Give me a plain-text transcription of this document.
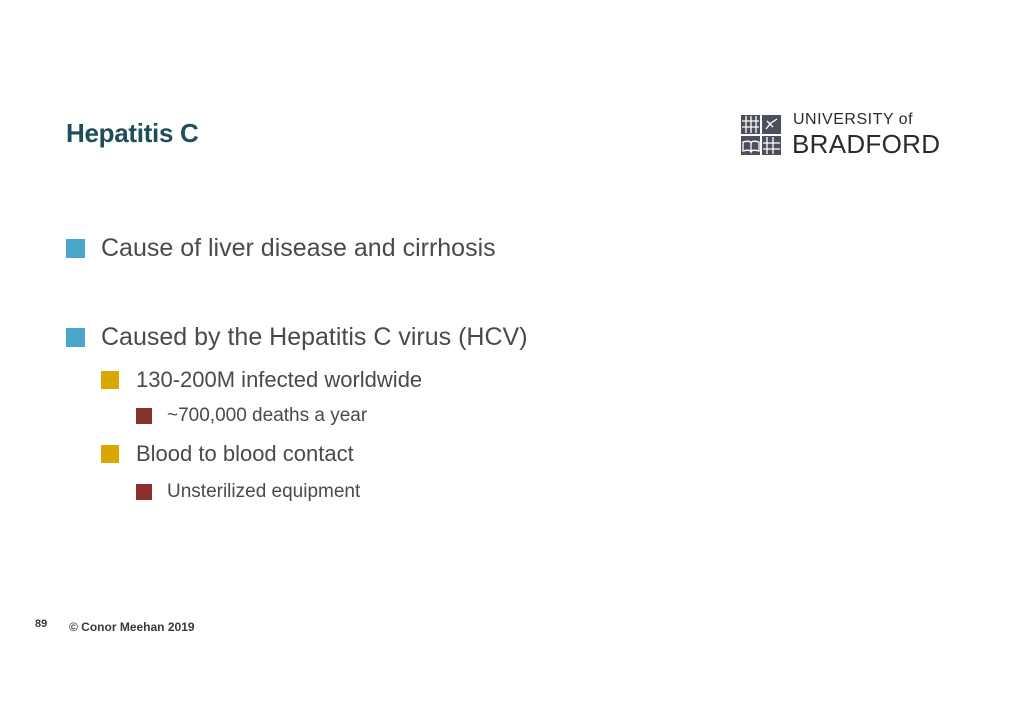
Hepatitis C	UNIVERSITY of
BRADFORD
Cause of liver disease and cirrhosis
Caused by the Hepatitis C virus (HCV)
130-200M infected worldwide
~700,000 deaths a year
Blood to blood contact
Unsterilized equipment
89 © Conor Meehan 2019
